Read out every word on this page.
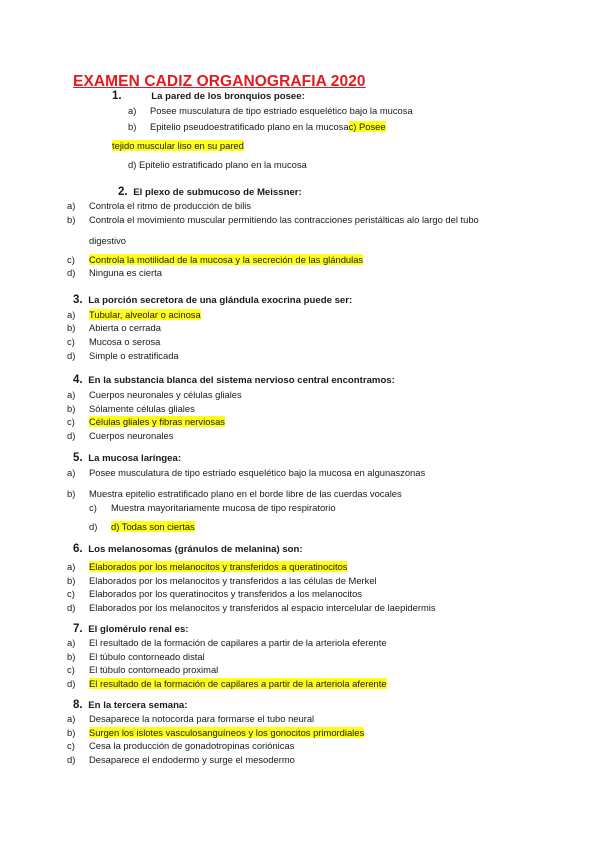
EXAMEN CADIZ ORGANOGRAFIA 2020
1.	La pared de los bronquios posee:
a) Posee musculatura de tipo estriado esquelético bajo la mucosa
b) Epitelio pseudoestratificado plano en la mucosac) Posee
tejido muscular liso en su pared
d) Epitelio estratificado plano en la mucosa
2. El plexo de submucoso de Meissner:
a) Controla el ritmo de producción de bilis
b) Controla el movimiento muscular permitiendo las contracciones peristálticas alo largo del tubo
digestivo
c) Controla la motilidad de la mucosa y la secreción de las glándulas
d) Ninguna es cierta
3. La porción secretora de una glándula exocrina puede ser:
a) Tubular, alveolar o acinosa
b) Abierta o cerrada
c) Mucosa o serosa
d) Simple o estratificada
4. En la substancia blanca del sistema nervioso central encontramos:
a) Cuerpos neuronales y células gliales
b) Sólamente células gliales
c) Células gliales y fibras nerviosas
d) Cuerpos neuronales
5. La mucosa laríngea:
a) Posee musculatura de tipo estriado esquelético bajo la mucosa en algunaszonas
b) Muestra epitelio estratificado plano en el borde libre de las cuerdas vocales
c) Muestra mayoritariamente mucosa de tipo respiratorio
d) d) Todas son ciertas
6. Los melanosomas (gránulos de melanina) son:
a) Elaborados por los melanocitos y transferidos a queratinocitos
b) Elaborados por los melanocitos y transferidos a las células de Merkel
c) Elaborados por los queratinocitos y transferidos a los melanocitos
d) Elaborados por los melanocitos y transferidos al espacio intercelular de laepidermis
7. El glomérulo renal es:
a) El resultado de la formación de capilares a partir de la arteriola eferente
b) El túbulo contorneado distal
c) El túbulo contorneado proximal
d) El resultado de la formación de capilares a partir de la arteriola aferente
8. En la tercera semana:
a) Desaparece la notocorda para formarse el tubo neural
b) Surgen los islotes vasculosanguíneos y los gonocitos primordiales
c) Cesa la producción de gonadotropinas coriónicas
d) Desaparece el endodermo y surge el mesodermo
